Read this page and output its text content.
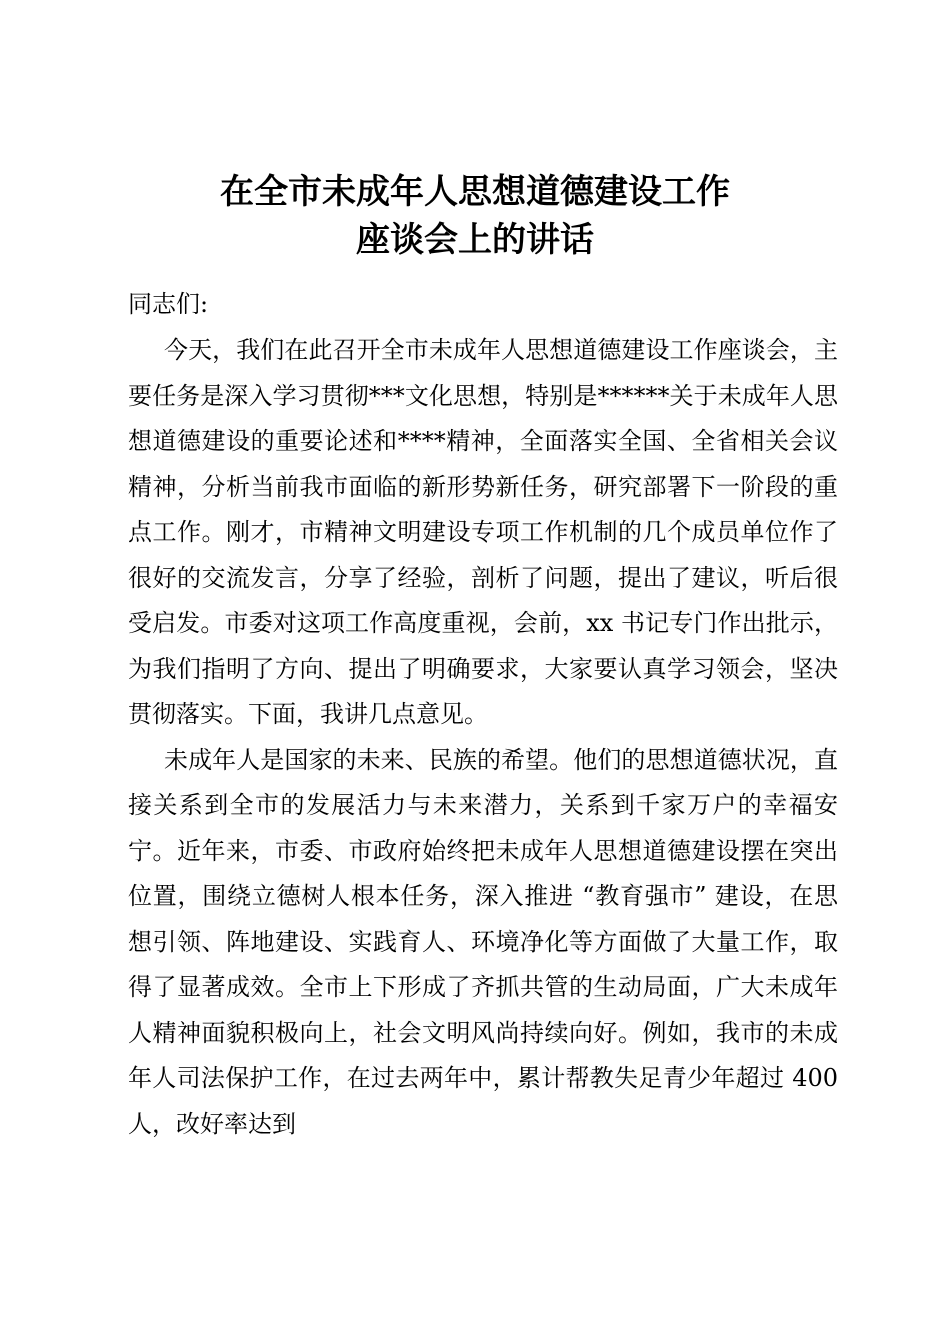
在全市未成年人思想道德建设工作
座谈会上的讲话

同志们:

今天，我们在此召开全市未成年人思想道德建设工作座谈会，主要任务是深入学习贯彻***文化思想，特别是******关于未成年人思想道德建设的重要论述和****精神，全面落实全国、全省相关会议精神，分析当前我市面临的新形势新任务，研究部署下一阶段的重点工作。刚才，市精神文明建设专项工作机制的几个成员单位作了很好的交流发言，分享了经验，剖析了问题，提出了建议，听后很受启发。市委对这项工作高度重视，会前，xx 书记专门作出批示，为我们指明了方向、提出了明确要求，大家要认真学习领会，坚决贯彻落实。下面，我讲几点意见。

未成年人是国家的未来、民族的希望。他们的思想道德状况，直接关系到全市的发展活力与未来潜力，关系到千家万户的幸福安宁。近年来，市委、市政府始终把未成年人思想道德建设摆在突出位置，围绕立德树人根本任务，深入推进 “教育强市” 建设，在思想引领、阵地建设、实践育人、环境净化等方面做了大量工作，取得了显著成效。全市上下形成了齐抓共管的生动局面，广大未成年人精神面貌积极向上，社会文明风尚持续向好。例如，我市的未成年人司法保护工作，在过去两年中，累计帮教失足青少年超过 400 人，改好率达到
